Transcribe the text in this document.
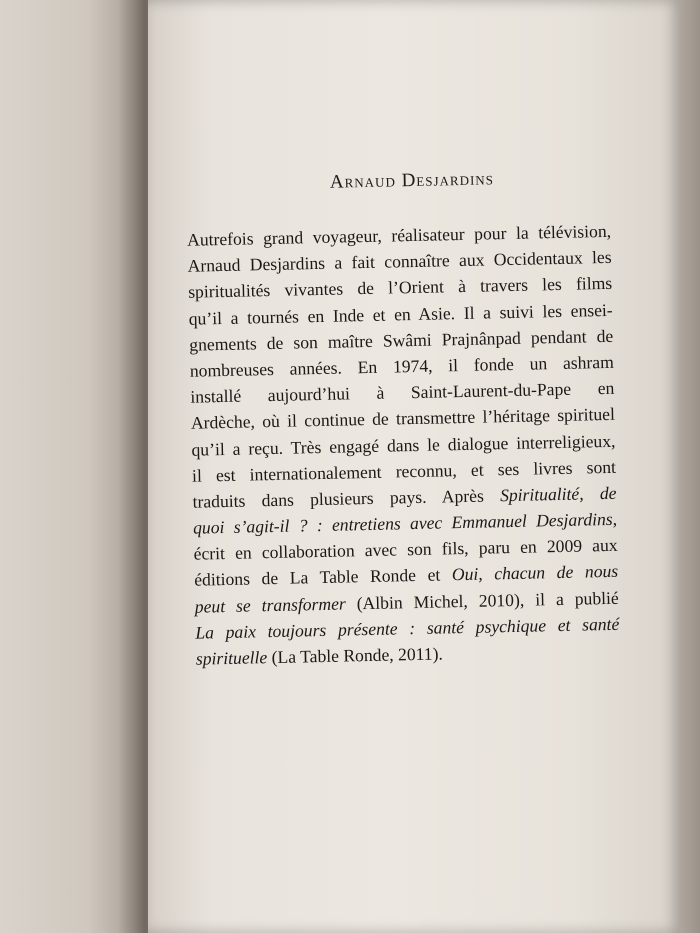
Arnaud Desjardins
Autrefois grand voyageur, réalisateur pour la télévision,
Arnaud Desjardins a fait connaître aux Occidentaux les
spiritualités vivantes de l’Orient à travers les films
qu’il a tournés en Inde et en Asie. Il a suivi les ensei-
gnements de son maître Swâmi Prajnânpad pendant de
nombreuses années. En 1974, il fonde un ashram
installé aujourd’hui à Saint-Laurent-du-Pape en
Ardèche, où il continue de transmettre l’héritage spirituel
qu’il a reçu. Très engagé dans le dialogue interreligieux,
il est internationalement reconnu, et ses livres sont
traduits dans plusieurs pays. Après Spiritualité, de
quoi s’agit-il ? : entretiens avec Emmanuel Desjardins,
écrit en collaboration avec son fils, paru en 2009 aux
éditions de La Table Ronde et Oui, chacun de nous
peut se transformer (Albin Michel, 2010), il a publié
La paix toujours présente : santé psychique et santé
spirituelle (La Table Ronde, 2011).
